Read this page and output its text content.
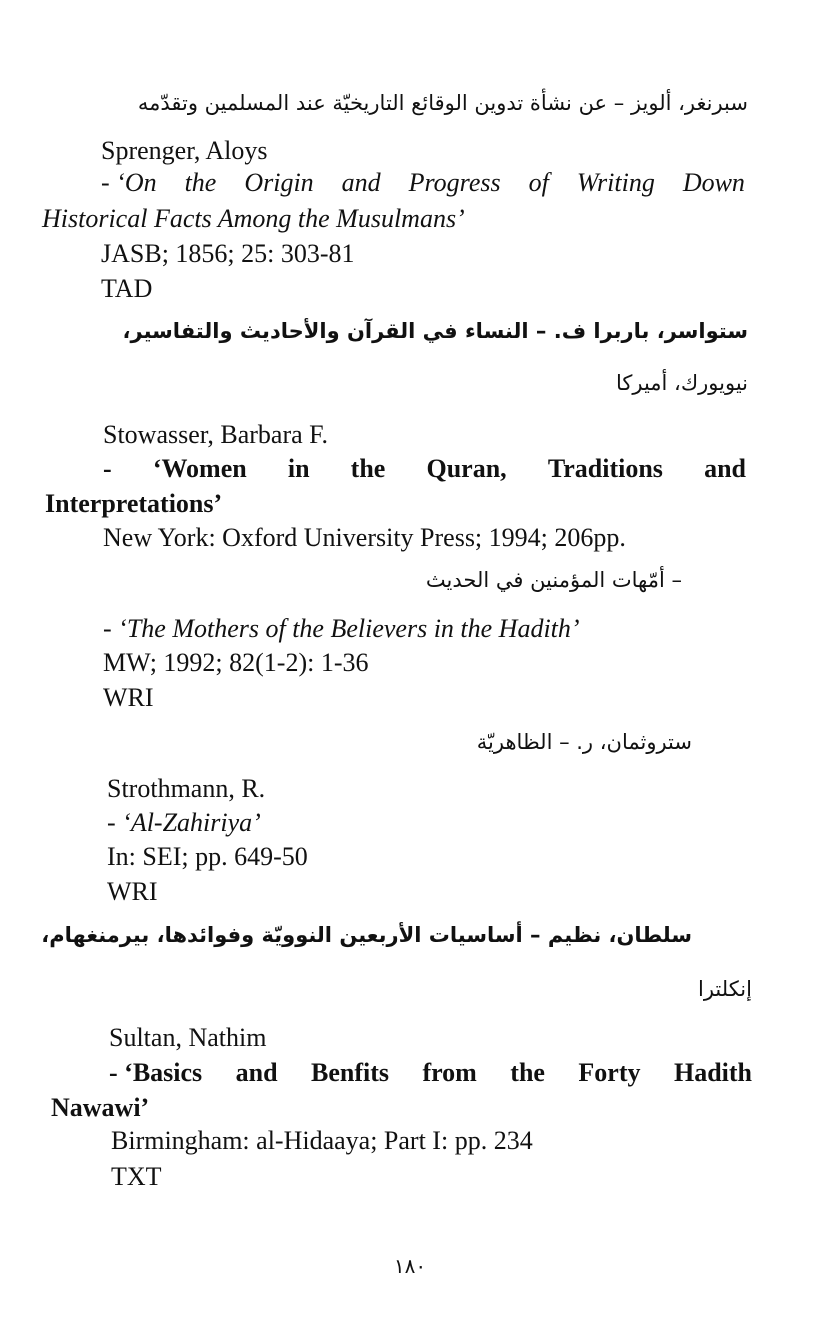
سبرنغر، ألويز – عن نشأة تدوين الوقائع التاريخيّة عند المسلمين وتقدّمه
Sprenger, Aloys
- ‘On the Origin and Progress of Writing Down
Historical Facts Among the Musulmans’
JASB; 1856; 25: 303-81
TAD
ستواسر، باربرا ف. – النساء في القرآن والأحاديث والتفاسير،
نيويورك، أميركا
Stowasser, Barbara F.
- ‘Women in the Quran, Traditions and
Interpretations’
New York: Oxford University Press; 1994; 206pp.
– أمّهات المؤمنين في الحديث
- ‘The Mothers of the Believers in the Hadith’
MW; 1992; 82(1-2): 1-36
WRI
ستروثمان، ر. – الظاهريّة
Strothmann, R.
- ‘Al-Zahiriya’
In: SEI; pp. 649-50
WRI
سلطان، نظيم – أساسيات الأربعين النوويّة وفوائدها، بيرمنغهام،
إنكلترا
Sultan, Nathim
- ‘Basics and Benfits from the Forty Hadith
Nawawi’
Birmingham: al-Hidaaya; Part I: pp. 234
TXT
١٨٠
